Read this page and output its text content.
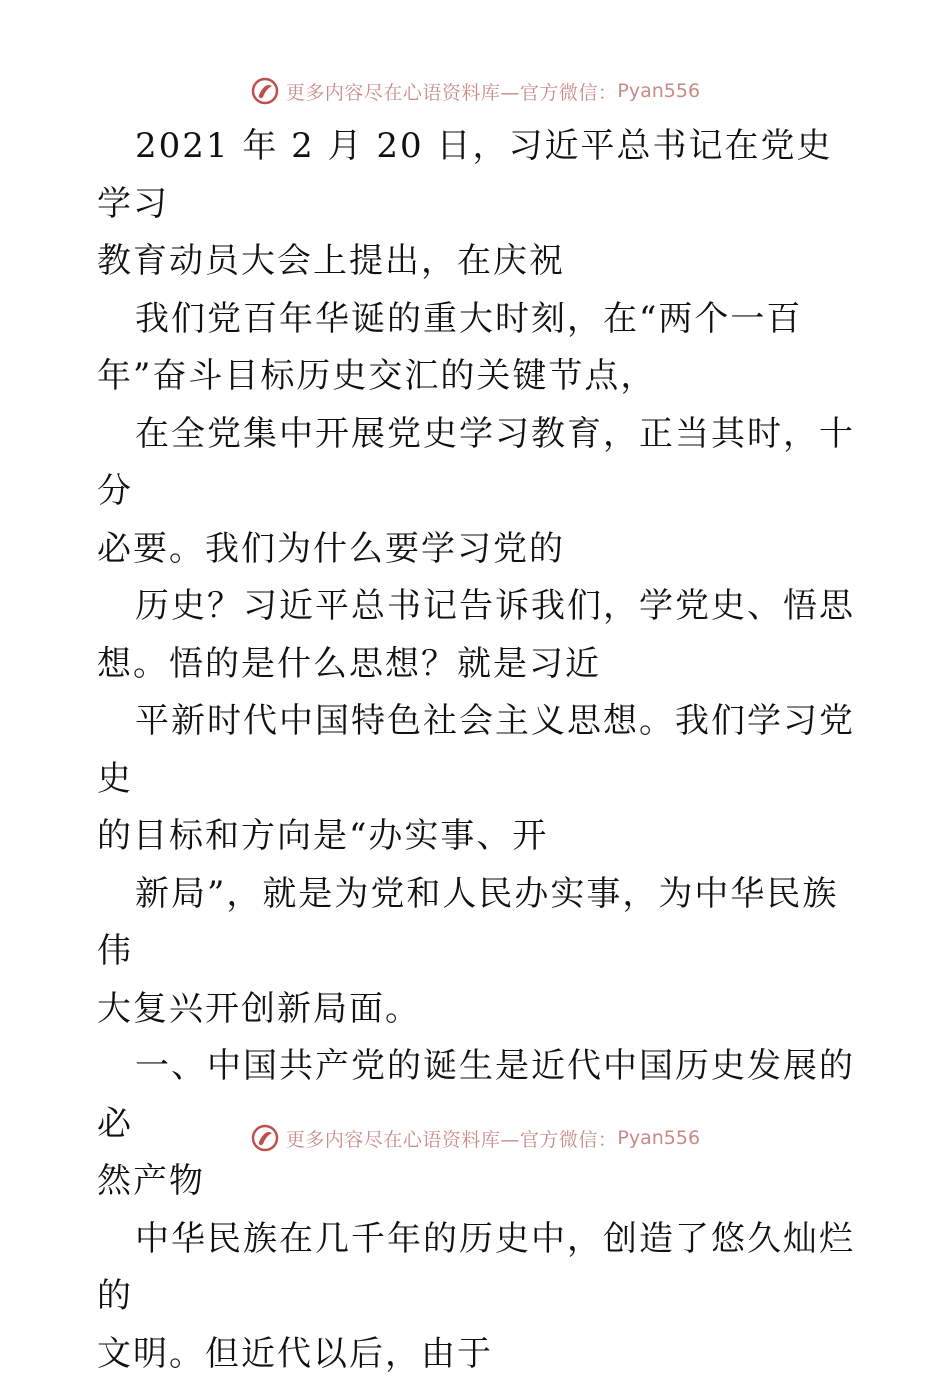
更多内容尽在心语资料库—官方微信： Pyan556

2021 年 2 月 20 日，习近平总书记在党史学习
教育动员大会上提出，在庆祝

我们党百年华诞的重大时刻，在“两个一百
年”奋斗目标历史交汇的关键节点，

在全党集中开展党史学习教育，正当其时，十分
必要。我们为什么要学习党的

历史？习近平总书记告诉我们，学党史、悟思
想。悟的是什么思想？就是习近

平新时代中国特色社会主义思想。我们学习党史
的目标和方向是“办实事、开

新局”，就是为党和人民办实事，为中华民族伟
大复兴开创新局面。

一、中国共产党的诞生是近代中国历史发展的必
然产物

中华民族在几千年的历史中，创造了悠久灿烂的
文明。但近代以后，由于

更多内容尽在心语资料库—官方微信： Pyan556
